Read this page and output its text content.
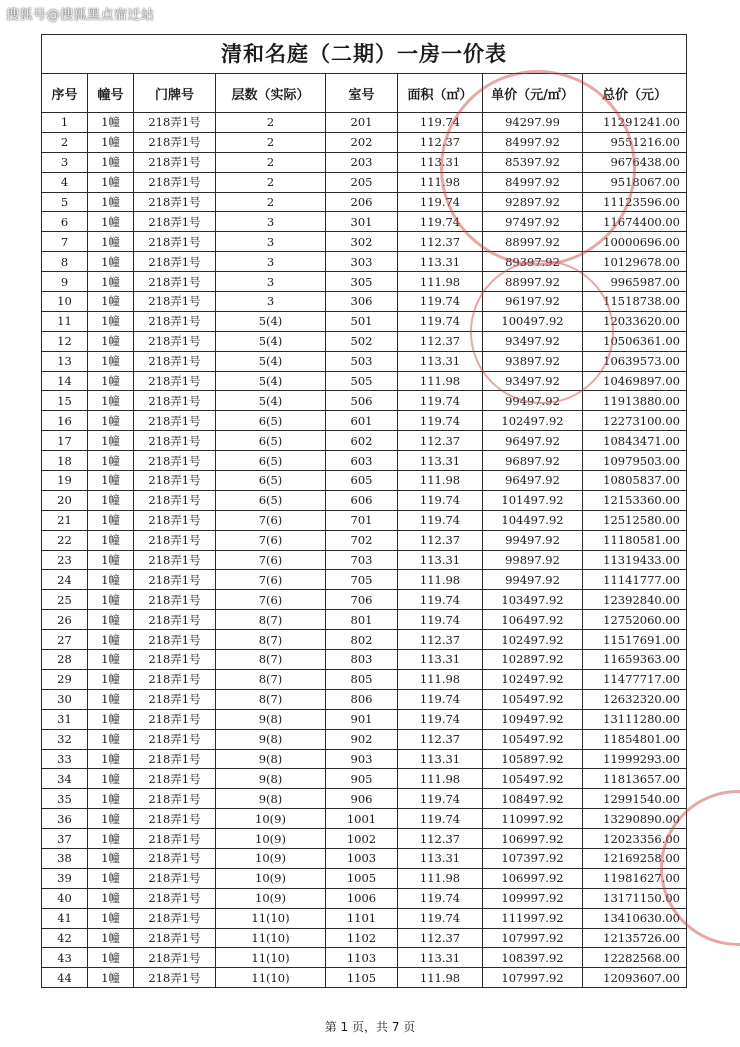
搜狐号@搜狐黑点宿迁站
清和名庭（二期）一房一价表							
序号	幢号	门牌号	层数（实际）	室号	面积（㎡）	单价（元/㎡）	总价（元）
1	1幢	218弄1号	2	201	119.74	94297.99	11291241.00
2	1幢	218弄1号	2	202	112.37	84997.92	9551216.00
3	1幢	218弄1号	2	203	113.31	85397.92	9676438.00
4	1幢	218弄1号	2	205	111.98	84997.92	9518067.00
5	1幢	218弄1号	2	206	119.74	92897.92	11123596.00
6	1幢	218弄1号	3	301	119.74	97497.92	11674400.00
7	1幢	218弄1号	3	302	112.37	88997.92	10000696.00
8	1幢	218弄1号	3	303	113.31	89397.92	10129678.00
9	1幢	218弄1号	3	305	111.98	88997.92	9965987.00
10	1幢	218弄1号	3	306	119.74	96197.92	11518738.00
11	1幢	218弄1号	5(4)	501	119.74	100497.92	12033620.00
12	1幢	218弄1号	5(4)	502	112.37	93497.92	10506361.00
13	1幢	218弄1号	5(4)	503	113.31	93897.92	10639573.00
14	1幢	218弄1号	5(4)	505	111.98	93497.92	10469897.00
15	1幢	218弄1号	5(4)	506	119.74	99497.92	11913880.00
16	1幢	218弄1号	6(5)	601	119.74	102497.92	12273100.00
17	1幢	218弄1号	6(5)	602	112.37	96497.92	10843471.00
18	1幢	218弄1号	6(5)	603	113.31	96897.92	10979503.00
19	1幢	218弄1号	6(5)	605	111.98	96497.92	10805837.00
20	1幢	218弄1号	6(5)	606	119.74	101497.92	12153360.00
21	1幢	218弄1号	7(6)	701	119.74	104497.92	12512580.00
22	1幢	218弄1号	7(6)	702	112.37	99497.92	11180581.00
23	1幢	218弄1号	7(6)	703	113.31	99897.92	11319433.00
24	1幢	218弄1号	7(6)	705	111.98	99497.92	11141777.00
25	1幢	218弄1号	7(6)	706	119.74	103497.92	12392840.00
26	1幢	218弄1号	8(7)	801	119.74	106497.92	12752060.00
27	1幢	218弄1号	8(7)	802	112.37	102497.92	11517691.00
28	1幢	218弄1号	8(7)	803	113.31	102897.92	11659363.00
29	1幢	218弄1号	8(7)	805	111.98	102497.92	11477717.00
30	1幢	218弄1号	8(7)	806	119.74	105497.92	12632320.00
31	1幢	218弄1号	9(8)	901	119.74	109497.92	13111280.00
32	1幢	218弄1号	9(8)	902	112.37	105497.92	11854801.00
33	1幢	218弄1号	9(8)	903	113.31	105897.92	11999293.00
34	1幢	218弄1号	9(8)	905	111.98	105497.92	11813657.00
35	1幢	218弄1号	9(8)	906	119.74	108497.92	12991540.00
36	1幢	218弄1号	10(9)	1001	119.74	110997.92	13290890.00
37	1幢	218弄1号	10(9)	1002	112.37	106997.92	12023356.00
38	1幢	218弄1号	10(9)	1003	113.31	107397.92	12169258.00
39	1幢	218弄1号	10(9)	1005	111.98	106997.92	11981627.00
40	1幢	218弄1号	10(9)	1006	119.74	109997.92	13171150.00
41	1幢	218弄1号	11(10)	1101	119.74	111997.92	13410630.00
42	1幢	218弄1号	11(10)	1102	112.37	107997.92	12135726.00
43	1幢	218弄1号	11(10)	1103	113.31	108397.92	12282568.00
44	1幢	218弄1号	11(10)	1105	111.98	107997.92	12093607.00
第 1 页，共 7 页
